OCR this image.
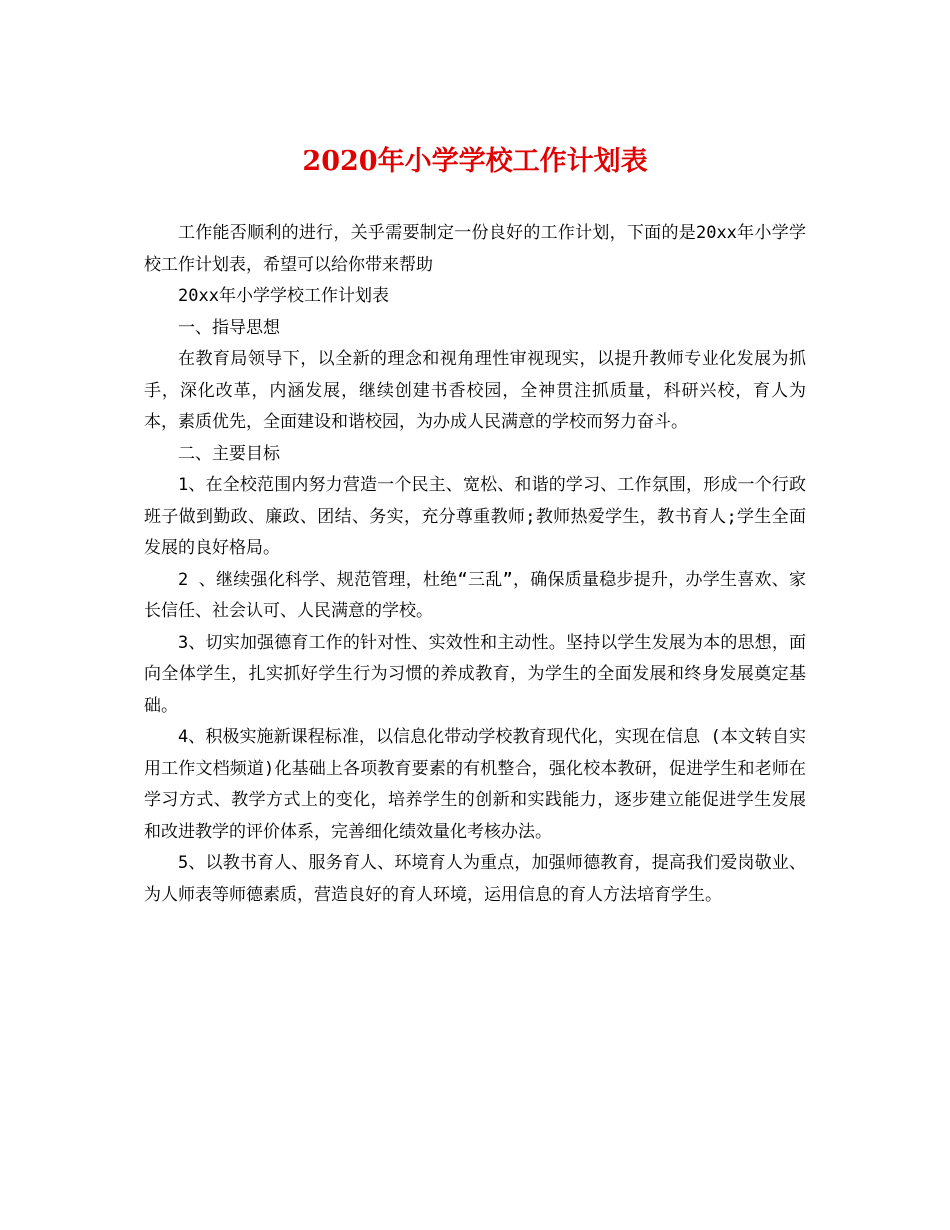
2020年小学学校工作计划表

工作能否顺利的进行，关乎需要制定一份良好的工作计划，下面的是20xx年小学学校工作计划表，希望可以给你带来帮助

20xx年小学学校工作计划表

一、指导思想

在教育局领导下，以全新的理念和视角理性审视现实，以提升教师专业化发展为抓手，深化改革，内涵发展，继续创建书香校园，全神贯注抓质量，科研兴校，育人为本，素质优先，全面建设和谐校园，为办成人民满意的学校而努力奋斗。

二、主要目标

1、在全校范围内努力营造一个民主、宽松、和谐的学习、工作氛围，形成一个行政班子做到勤政、廉政、团结、务实，充分尊重教师;教师热爱学生，教书育人;学生全面发展的良好格局。

2 、继续强化科学、规范管理，杜绝“三乱”，确保质量稳步提升，办学生喜欢、家长信任、社会认可、人民满意的学校。

3、切实加强德育工作的针对性、实效性和主动性。坚持以学生发展为本的思想，面向全体学生，扎实抓好学生行为习惯的养成教育，为学生的全面发展和终身发展奠定基础。

4、积极实施新课程标准，以信息化带动学校教育现代化，实现在信息 (本文转自实用工作文档频道)化基础上各项教育要素的有机整合，强化校本教研，促进学生和老师在学习方式、教学方式上的变化，培养学生的创新和实践能力，逐步建立能促进学生发展和改进教学的评价体系，完善细化绩效量化考核办法。

5、以教书育人、服务育人、环境育人为重点，加强师德教育，提高我们爱岗敬业、为人师表等师德素质，营造良好的育人环境，运用信息的育人方法培育学生。
